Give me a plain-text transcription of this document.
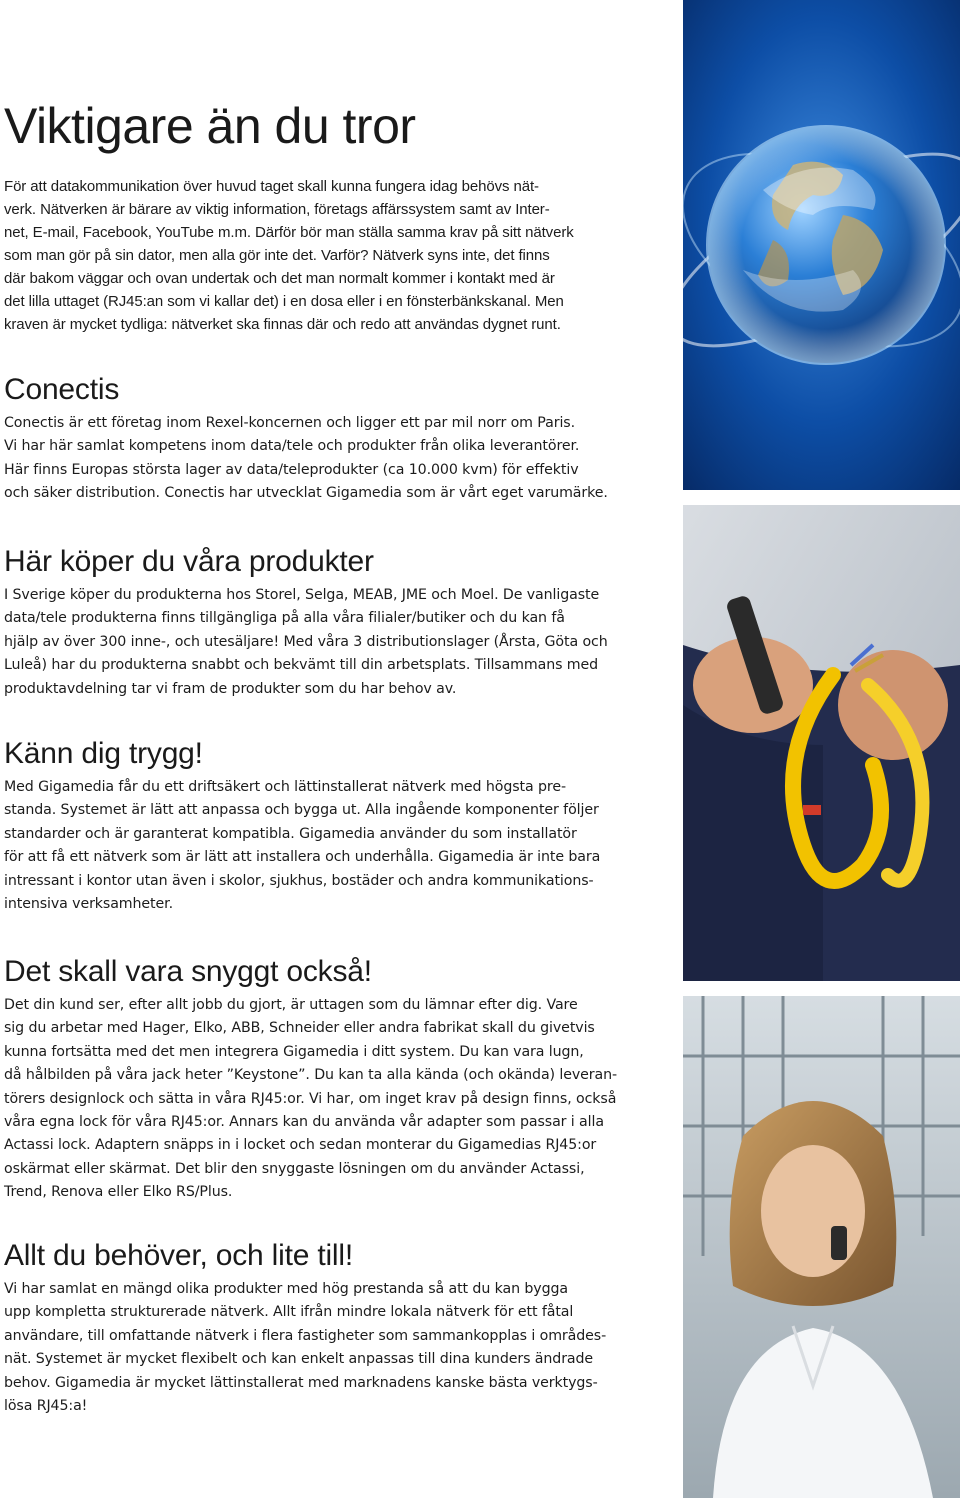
Viktigare än du tror

För att datakommunikation över huvud taget skall kunna fungera idag behövs nät-
verk. Nätverken är bärare av viktig information, företags affärssystem samt av Inter-
net, E-mail, Facebook, YouTube m.m. Därför bör man ställa samma krav på sitt nätverk
som man gör på sin dator, men alla gör inte det. Varför? Nätverk syns inte, det finns
där bakom väggar och ovan undertak och det man normalt kommer i kontakt med är
det lilla uttaget (RJ45:an som vi kallar det) i en dosa eller i en fönsterbänkskanal. Men
kraven är mycket tydliga: nätverket ska finnas där och redo att användas dygnet runt.

Conectis

Conectis är ett företag inom Rexel-koncernen och ligger ett par mil norr om Paris.
Vi har här samlat kompetens inom data/tele och produkter från olika leverantörer.
Här finns Europas största lager av data/teleprodukter (ca 10.000 kvm) för effektiv
och säker distribution. Conectis har utvecklat Gigamedia som är vårt eget varumärke.

Här köper du våra produkter

I Sverige köper du produkterna hos Storel, Selga, MEAB, JME och Moel. De vanligaste
data/tele produkterna finns tillgängliga på alla våra filialer/butiker och du kan få
hjälp av över 300 inne-, och utesäljare! Med våra 3 distributionslager (Årsta, Göta och
Luleå) har du produkterna snabbt och bekvämt till din arbetsplats. Tillsammans med
produktavdelning tar vi fram de produkter som du har behov av.

Känn dig trygg!

Med Gigamedia får du ett driftsäkert och lättinstallerat nätverk med högsta pre-
standa. Systemet är lätt att anpassa och bygga ut. Alla ingående komponenter följer
standarder och är garanterat kompatibla. Gigamedia använder du som installatör
för att få ett nätverk som är lätt att installera och underhålla. Gigamedia är inte bara
intressant i kontor utan även i skolor, sjukhus, bostäder och andra kommunikations-
intensiva verksamheter.

Det skall vara snyggt också!

Det din kund ser, efter allt jobb du gjort, är uttagen som du lämnar efter dig. Vare
sig du arbetar med Hager, Elko, ABB, Schneider eller andra fabrikat skall du givetvis
kunna fortsätta med det men integrera Gigamedia i ditt system. Du kan vara lugn,
då hålbilden på våra jack heter ”Keystone”. Du kan ta alla kända (och okända) leveran-
törers designlock och sätta in våra RJ45:or. Vi har, om inget krav på design finns, också
våra egna lock för våra RJ45:or. Annars kan du använda vår adapter som passar i alla
Actassi lock. Adaptern snäpps in i locket och sedan monterar du Gigamedias RJ45:or
oskärmat eller skärmat. Det blir den snyggaste lösningen om du använder Actassi,
Trend, Renova eller Elko RS/Plus.

Allt du behöver, och lite till!

Vi har samlat en mängd olika produkter med hög prestanda så att du kan bygga
upp kompletta strukturerade nätverk. Allt ifrån mindre lokala nätverk för ett fåtal
användare, till omfattande nätverk i flera fastigheter som sammankopplas i områdes-
nät. Systemet är mycket flexibelt och kan enkelt anpassas till dina kunders ändrade
behov. Gigamedia är mycket lättinstallerat med marknadens kanske bästa verktygs-
lösa RJ45:a!
